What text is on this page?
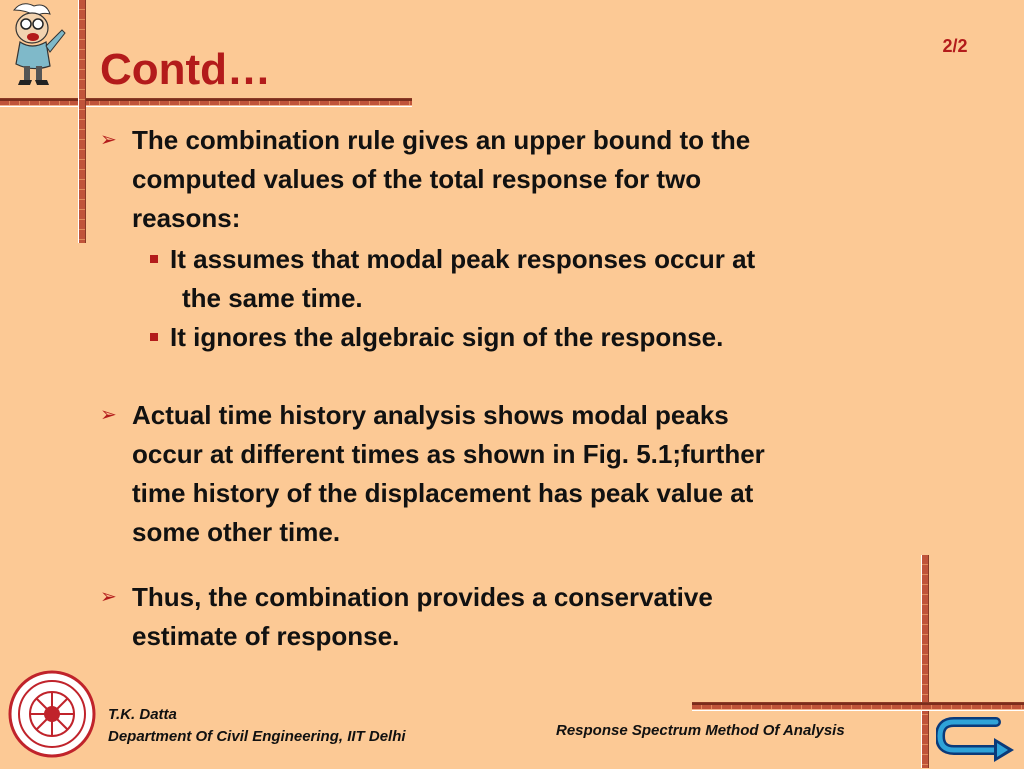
Contd…	2/2
➢ The combination rule gives an upper bound to the
computed values of the total response for two
reasons:
It assumes that modal peak responses occur at
the same time.
It ignores the algebraic sign of the response.
➢ Actual time history analysis shows modal peaks
occur at different times as shown in Fig. 5.1;further
time history of the displacement has peak value at
some other time.
➢ Thus, the combination provides a conservative
estimate of response.
T.K. Datta
Department Of Civil Engineering, IIT Delhi	Response Spectrum Method Of Analysis
